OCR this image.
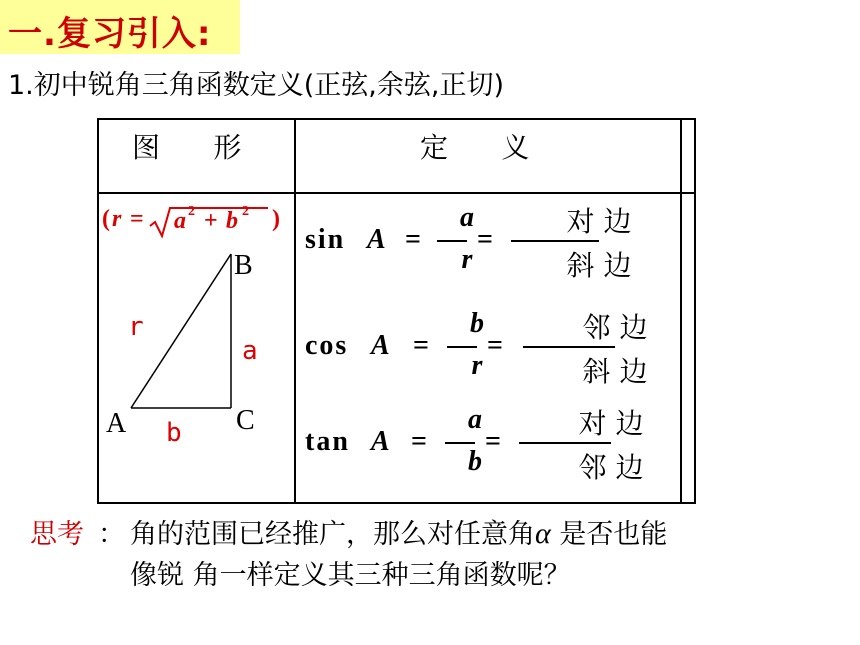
一.复习引入:
1.初中锐角三角函数定义(正弦,余弦,正切)
图      形	定      义
( r = a 2 + b 2 )
B
A	C
r
a
b
sin A =
a
r
=
对 边
斜 边
cos A =
b
r
=
邻 边
斜 边
tan A =
a
b
=
对 边
邻 边
思考 ： 角的范围已经推广，那么对任意角α 是否也能
像锐 角一样定义其三种三角函数呢？
